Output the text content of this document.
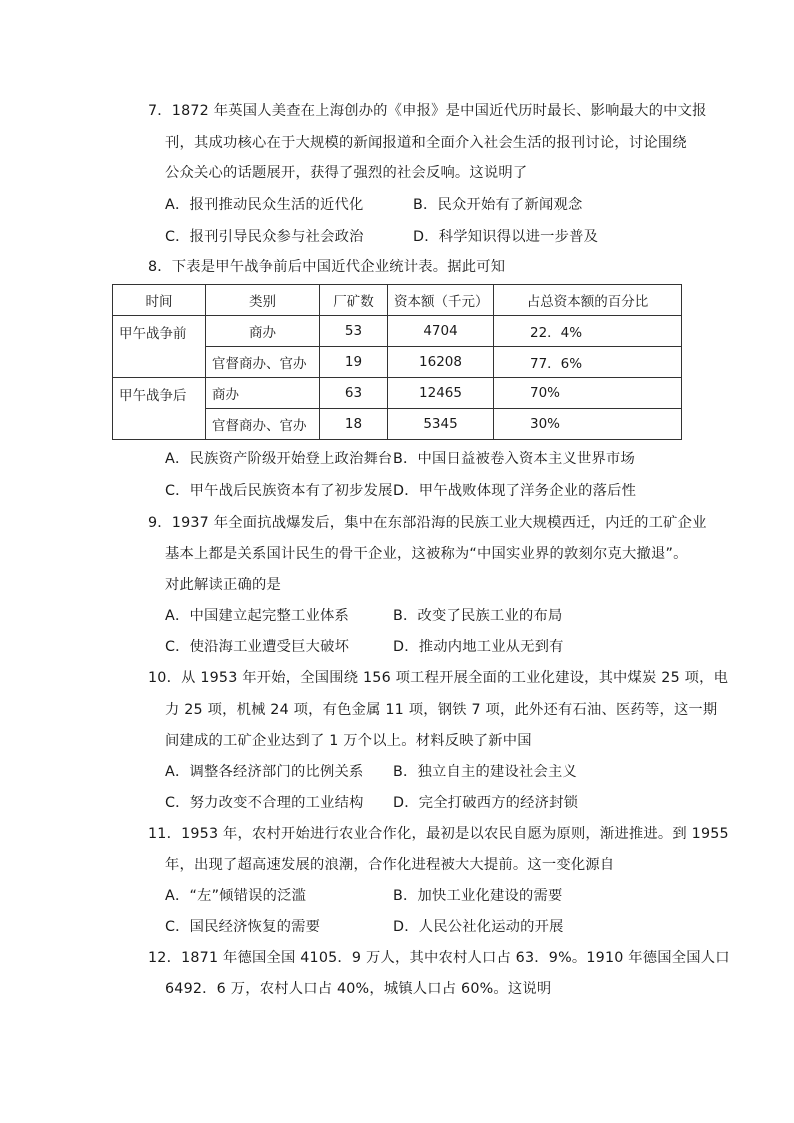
7．1872 年英国人美查在上海创办的《申报》是中国近代历时最长、影响最大的中文报
刊，其成功核心在于大规模的新闻报道和全面介入社会生活的报刊讨论，讨论围绕
公众关心的话题展开，获得了强烈的社会反响。这说明了
A．报刊推动民众生活的近代化	B．民众开始有了新闻观念
C．报刊引导民众参与社会政治	D．科学知识得以进一步普及
8．下表是甲午战争前后中国近代企业统计表。据此可知
时间	类别	厂矿数	资本额（千元）	占总资本额的百分比
甲午战争前	商办	53	4704	22．4%
	官督商办、官办	19	16208	77．6%
甲午战争后	商办	63	12465	70%
	官督商办、官办	18	5345	30%
A．民族资产阶级开始登上政治舞台 B．中国日益被卷入资本主义世界市场
C．甲午战后民族资本有了初步发展 D．甲午战败体现了洋务企业的落后性
9．1937 年全面抗战爆发后，集中在东部沿海的民族工业大规模西迁，内迁的工矿企业
基本上都是关系国计民生的骨干企业，这被称为“中国实业界的敦刻尔克大撤退”。
对此解读正确的是
A．中国建立起完整工业体系	B．改变了民族工业的布局
C．使沿海工业遭受巨大破坏	D．推动内地工业从无到有
10．从 1953 年开始，全国围绕 156 项工程开展全面的工业化建设，其中煤炭 25 项，电
力 25 项，机械 24 项，有色金属 11 项，钢铁 7 项，此外还有石油、医药等，这一期
间建成的工矿企业达到了 1 万个以上。材料反映了新中国
A．调整各经济部门的比例关系 B．独立自主的建设社会主义
C．努力改变不合理的工业结构 D．完全打破西方的经济封锁
11．1953 年，农村开始进行农业合作化，最初是以农民自愿为原则，渐进推进。到 1955
年，出现了超高速发展的浪潮，合作化进程被大大提前。这一变化源自
A．“左”倾错误的泛滥	B．加快工业化建设的需要
C．国民经济恢复的需要	D．人民公社化运动的开展
12．1871 年德国全国 4105．9 万人，其中农村人口占 63．9%。1910 年德国全国人口
6492．6 万，农村人口占 40%，城镇人口占 60%。这说明
